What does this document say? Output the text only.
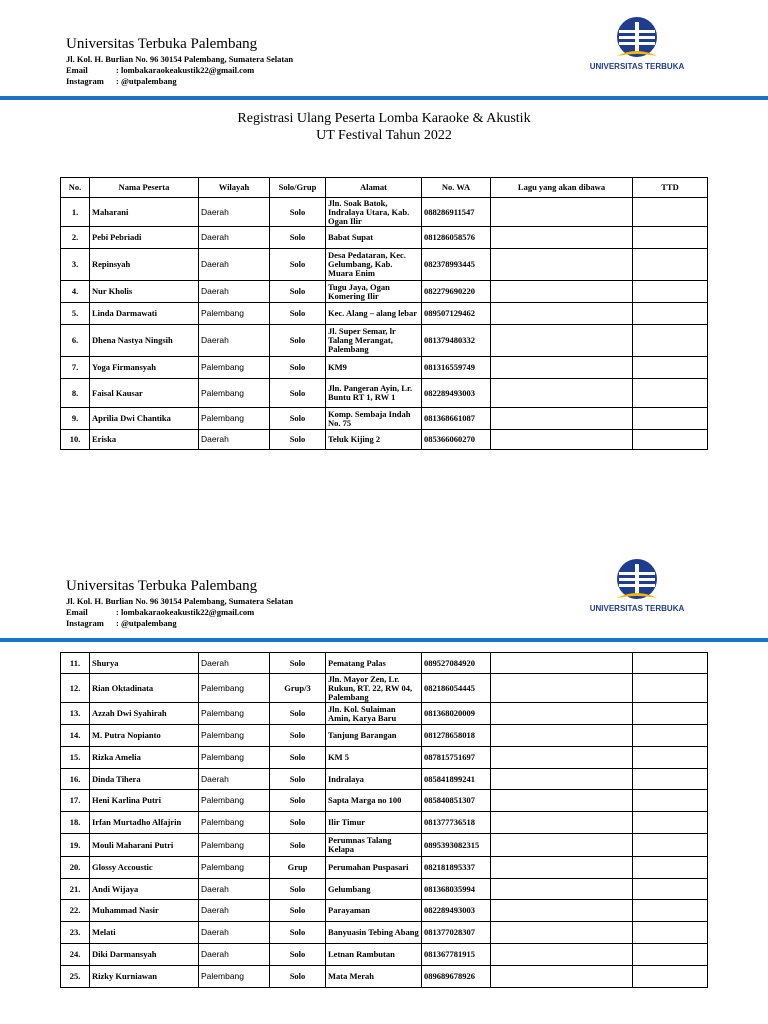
Universitas Terbuka Palembang
Jl. Kol. H. Burlian No. 96 30154 Palembang, Sumatera Selatan
Email	: lombakaraokeakustik22@gmail.com
Instagram : @utpalembang
UNIVERSITAS TERBUKA
Registrasi Ulang Peserta Lomba Karaoke & Akustik
UT Festival Tahun 2022
No.	Nama Peserta	Wilayah	Solo/Grup	Alamat	No. WA	Lagu yang akan dibawa	TTD
1.	Maharani	Daerah	Solo	Jln. Soak Batok, Indralaya Utara, Kab. Ogan Ilir	088286911547		
2.	Pebi Pebriadi	Daerah	Solo	Babat Supat	081286058576		
3.	Repinsyah	Daerah	Solo	Desa Pedataran, Kec. Gelumbang, Kab. Muara Enim	082378993445		
4.	Nur Kholis	Daerah	Solo	Tugu Jaya, Ogan Komering Ilir	082279690220		
5.	Linda Darmawati	Palembang	Solo	Kec. Alang – alang lebar	089507129462		
6.	Dhena Nastya Ningsih	Daerah	Solo	Jl. Super Semar, lr Talang Merangat, Palembang	081379480332		
7.	Yoga Firmansyah	Palembang	Solo	KM9	081316559749		
8.	Faisal Kausar	Palembang	Solo	Jln. Pangeran Ayin, Lr. Buntu RT 1, RW 1	082289493003		
9.	Aprilia Dwi Chantika	Palembang	Solo	Komp. Sembaja Indah No. 75	081368661087		
10.	Eriska	Daerah	Solo	Teluk Kijing 2	085366060270		
Universitas Terbuka Palembang
Jl. Kol. H. Burlian No. 96 30154 Palembang, Sumatera Selatan
Email	: lombakaraokeakustik22@gmail.com
Instagram : @utpalembang
UNIVERSITAS TERBUKA
11.	Shurya	Daerah	Solo	Pematang Palas	089527084920		
12.	Rian Oktadinata	Palembang	Grup/3	Jln. Mayor Zen, Lr. Rukun, RT. 22, RW 04, Palembang	082186054445		
13.	Azzah Dwi Syahirah	Palembang	Solo	Jln. Kol. Sulaiman Amin, Karya Baru	081368020009		
14.	M. Putra Nopianto	Palembang	Solo	Tanjung Barangan	081278658018		
15.	Rizka Amelia	Palembang	Solo	KM 5	087815751697		
16.	Dinda Tihera	Daerah	Solo	Indralaya	085841899241		
17.	Heni Karlina Putri	Palembang	Solo	Sapta Marga no 100	085840851307		
18.	Irfan Murtadho Alfajrin	Palembang	Solo	Ilir Timur	081377736518		
19.	Mouli Maharani Putri	Palembang	Solo	Perumnas Talang Kelapa	0895393082315		
20.	Glossy Accoustic	Palembang	Grup	Perumahan Puspasari	082181895337		
21.	Andi Wijaya	Daerah	Solo	Gelumbang	081368035994		
22.	Muhammad Nasir	Daerah	Solo	Parayaman	082289493003		
23.	Melati	Daerah	Solo	Banyuasin Tebing Abang	081377028307		
24.	Diki Darmansyah	Daerah	Solo	Letnan Rambutan	081367781915		
25.	Rizky Kurniawan	Palembang	Solo	Mata Merah	089689678926		
